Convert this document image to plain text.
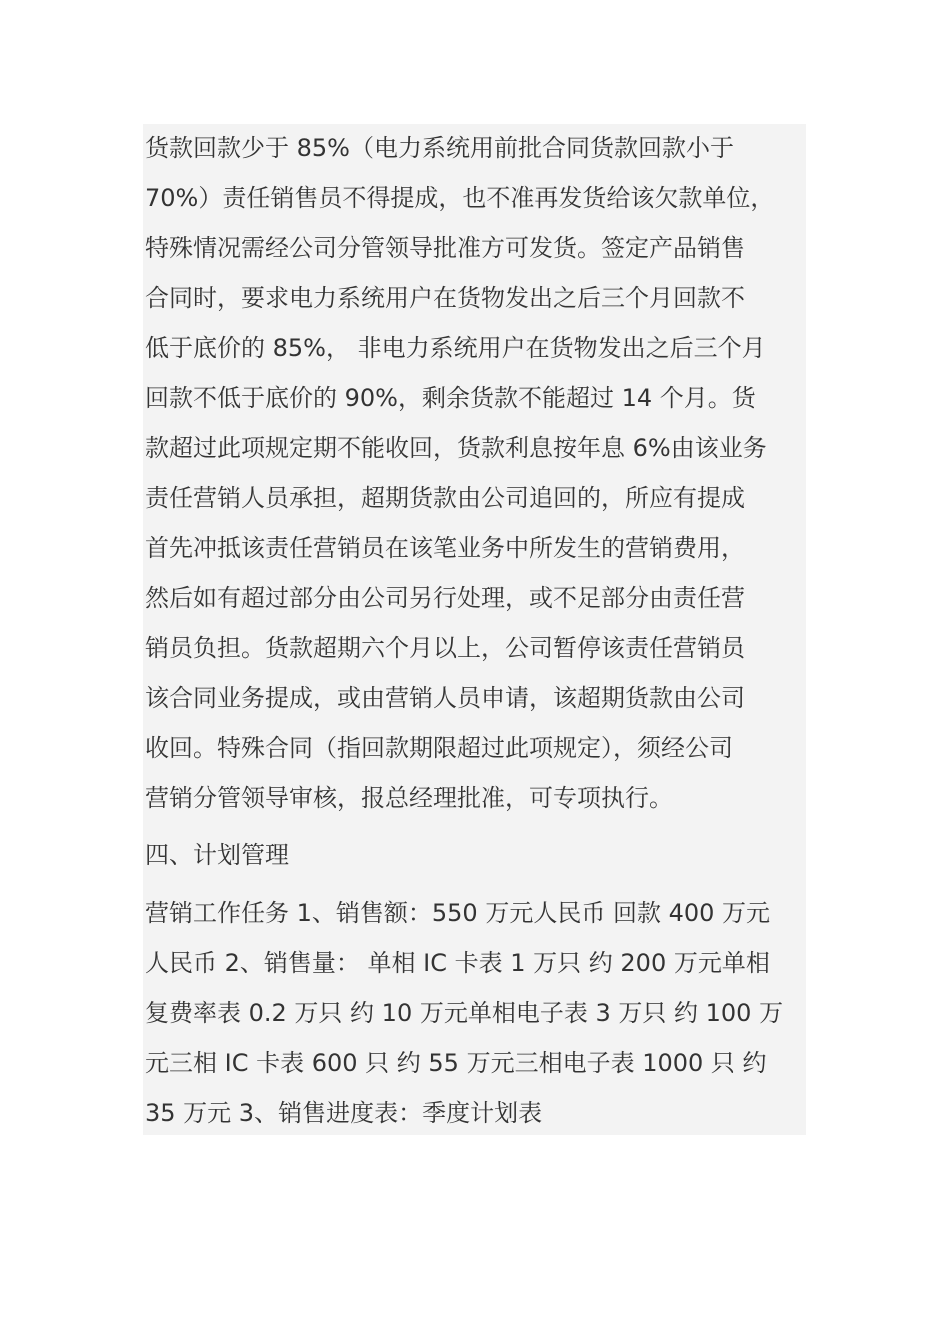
货款回款少于 85%（电力系统用前批合同货款回款小于
70%）责任销售员不得提成，也不准再发货给该欠款单位，
特殊情况需经公司分管领导批准方可发货。签定产品销售
合同时，要求电力系统用户在货物发出之后三个月回款不
低于底价的 85%， 非电力系统用户在货物发出之后三个月
回款不低于底价的 90%，剩余货款不能超过 14 个月。货
款超过此项规定期不能收回，货款利息按年息 6%由该业务
责任营销人员承担，超期货款由公司追回的，所应有提成
首先冲抵该责任营销员在该笔业务中所发生的营销费用，
然后如有超过部分由公司另行处理，或不足部分由责任营
销员负担。货款超期六个月以上，公司暂停该责任营销员
该合同业务提成，或由营销人员申请，该超期货款由公司
收回。特殊合同（指回款期限超过此项规定），须经公司
营销分管领导审核，报总经理批准，可专项执行。
四、计划管理
营销工作任务 1、销售额：550 万元人民币 回款 400 万元
人民币 2、销售量： 单相 IC 卡表 1 万只 约 200 万元单相
复费率表 0.2 万只 约 10 万元单相电子表 3 万只 约 100 万
元三相 IC 卡表 600 只 约 55 万元三相电子表 1000 只 约
35 万元 3、销售进度表：季度计划表
